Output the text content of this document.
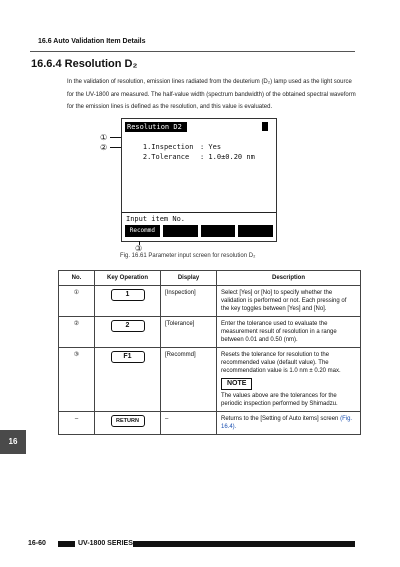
16.6 Auto Validation Item Details
16.6.4 Resolution D₂

In the validation of resolution, emission lines radiated from the deuterium (D₂) lamp used as the light source for the UV-1800 are measured. The half-value width (spectrum bandwidth) of the obtained spectral waveform for the emission lines is defined as the resolution, and this value is evaluated.

①
②
Resolution D2

1.Inspection : Yes

2.Tolerance : 1.0±0.20 nm

Input item No.
Recommd
③
Fig. 16.61 Parameter input screen for resolution D₂
No.	Key Operation	Display	Description
①	1	[Inspection]	Select [Yes] or [No] to specify whether the validation is performed or not. Each pressing of the key toggles between [Yes] and [No].
②	2	[Tolerance]	Enter the tolerance used to evaluate the measurement result of resolution in a range between 0.01 and 0.50 (nm).
③	F1	[Recommd]	Resets the tolerance for resolution to the recommended value (default value). The recommendation value is 1.0 nm ± 0.20 max.
NOTE
The values above are the tolerances for the periodic inspection performed by Shimadzu.

–	RETURN	–	Returns to the [Setting of Auto items] screen (Fig. 16.4).
16
16-60	UV-1800 SERIES
